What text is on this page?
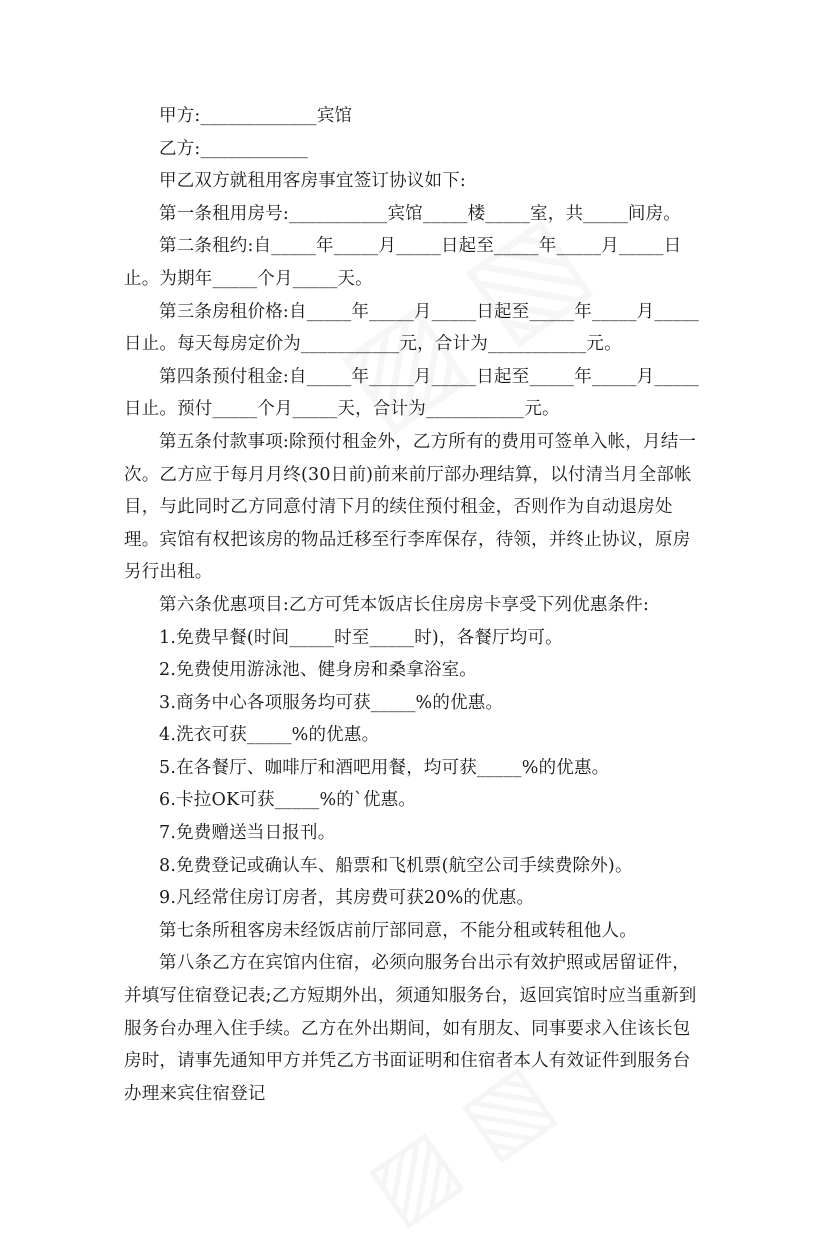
甲方:_____________宾馆

乙方:____________

甲乙双方就租用客房事宜签订协议如下:

第一条租用房号:___________宾馆_____楼_____室，共_____间房。

第二条租约:自_____年_____月_____日起至_____年_____月_____日止。为期年_____个月_____天。

第三条房租价格:自_____年_____月_____日起至_____年_____月_____日止。每天每房定价为___________元，合计为___________元。

第四条预付租金:自_____年_____月_____日起至_____年_____月_____日止。预付_____个月_____天，合计为___________元。

第五条付款事项:除预付租金外，乙方所有的费用可签单入帐，月结一次。乙方应于每月月终(30日前)前来前厅部办理结算，以付清当月全部帐目，与此同时乙方同意付清下月的续住预付租金，否则作为自动退房处理。宾馆有权把该房的物品迁移至行李库保存，待领，并终止协议，原房另行出租。

第六条优惠项目:乙方可凭本饭店长住房房卡享受下列优惠条件:

1.免费早餐(时间_____时至_____时)，各餐厅均可。

2.免费使用游泳池、健身房和桑拿浴室。

3.商务中心各项服务均可获_____%的优惠。

4.洗衣可获_____%的优惠。

5.在各餐厅、咖啡厅和酒吧用餐，均可获_____%的优惠。

6.卡拉OK可获_____%的`优惠。

7.免费赠送当日报刊。

8.免费登记或确认车、船票和飞机票(航空公司手续费除外)。

9.凡经常住房订房者，其房费可获20%的优惠。

第七条所租客房未经饭店前厅部同意，不能分租或转租他人。

第八条乙方在宾馆内住宿，必须向服务台出示有效护照或居留证件，并填写住宿登记表;乙方短期外出，须通知服务台，返回宾馆时应当重新到服务台办理入住手续。乙方在外出期间，如有朋友、同事要求入住该长包房时，请事先通知甲方并凭乙方书面证明和住宿者本人有效证件到服务台办理来宾住宿登记
